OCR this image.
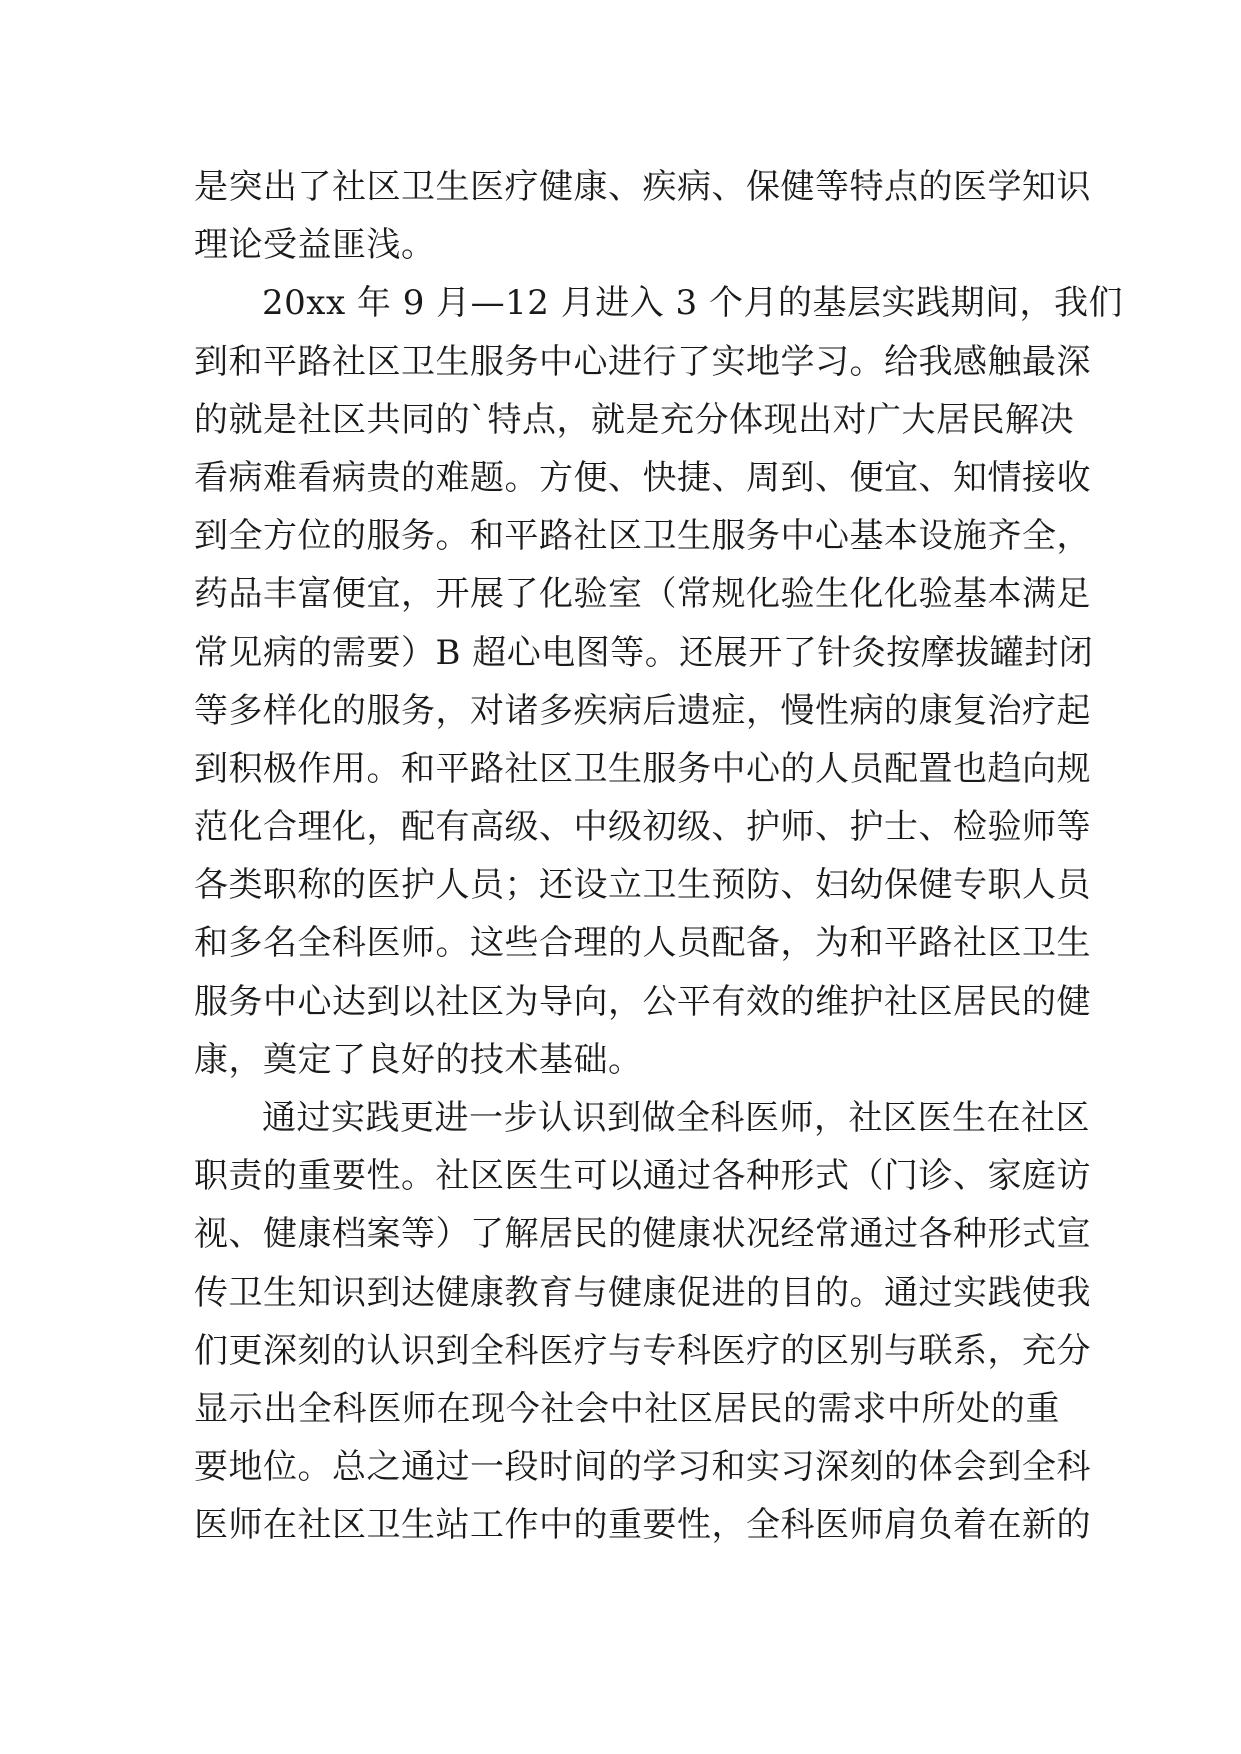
是突出了社区卫生医疗健康、疾病、保健等特点的医学知识
理论受益匪浅。
20xx 年 9 月—12 月进入 3 个月的基层实践期间，我们
到和平路社区卫生服务中心进行了实地学习。给我感触最深
的就是社区共同的`特点，就是充分体现出对广大居民解决
看病难看病贵的难题。方便、快捷、周到、便宜、知情接收
到全方位的服务。和平路社区卫生服务中心基本设施齐全，
药品丰富便宜，开展了化验室（常规化验生化化验基本满足
常见病的需要）B 超心电图等。还展开了针灸按摩拔罐封闭
等多样化的服务，对诸多疾病后遗症，慢性病的康复治疗起
到积极作用。和平路社区卫生服务中心的人员配置也趋向规
范化合理化，配有高级、中级初级、护师、护士、检验师等
各类职称的医护人员；还设立卫生预防、妇幼保健专职人员
和多名全科医师。这些合理的人员配备，为和平路社区卫生
服务中心达到以社区为导向，公平有效的维护社区居民的健
康，奠定了良好的技术基础。
通过实践更进一步认识到做全科医师，社区医生在社区
职责的重要性。社区医生可以通过各种形式（门诊、家庭访
视、健康档案等）了解居民的健康状况经常通过各种形式宣
传卫生知识到达健康教育与健康促进的目的。通过实践使我
们更深刻的认识到全科医疗与专科医疗的区别与联系，充分
显示出全科医师在现今社会中社区居民的需求中所处的重
要地位。总之通过一段时间的学习和实习深刻的体会到全科
医师在社区卫生站工作中的重要性，全科医师肩负着在新的
